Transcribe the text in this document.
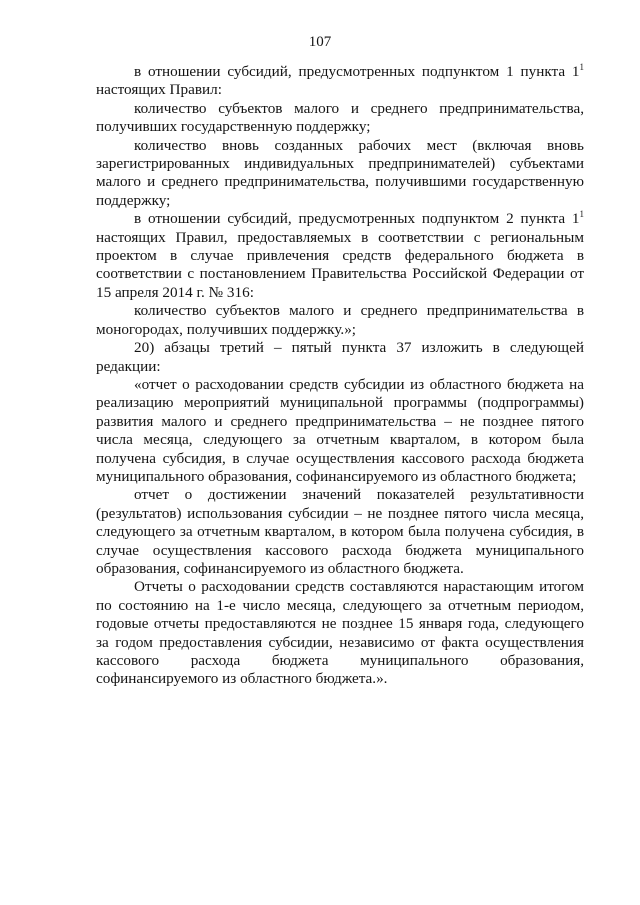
107

в отношении субсидий, предусмотренных подпунктом 1 пункта $1^1$ настоящих Правил:

количество субъектов малого и среднего предпринимательства, получивших государственную поддержку;

количество вновь созданных рабочих мест (включая вновь зарегистрированных индивидуальных предпринимателей) субъектами малого и среднего предпринимательства, получившими государственную поддержку;

в отношении субсидий, предусмотренных подпунктом 2 пункта $1^1$ настоящих Правил, предоставляемых в соответствии с региональным проектом в случае привлечения средств федерального бюджета в соответствии с постановлением Правительства Российской Федерации от 15 апреля 2014 г. № 316:

количество субъектов малого и среднего предпринимательства в моногородах, получивших поддержку.»;

20) абзацы третий – пятый пункта 37 изложить в следующей редакции:

«отчет о расходовании средств субсидии из областного бюджета на реализацию мероприятий муниципальной программы (подпрограммы) развития малого и среднего предпринимательства – не позднее пятого числа месяца, следующего за отчетным кварталом, в котором была получена субсидия, в случае осуществления кассового расхода бюджета муниципального образования, софинансируемого из областного бюджета;

отчет о достижении значений показателей результативности (результатов) использования субсидии – не позднее пятого числа месяца, следующего за отчетным кварталом, в котором была получена субсидия, в случае осуществления кассового расхода бюджета муниципального образования, софинансируемого из областного бюджета.

Отчеты о расходовании средств составляются нарастающим итогом по состоянию на 1-е число месяца, следующего за отчетным периодом, годовые отчеты предоставляются не позднее 15 января года, следующего за годом предоставления субсидии, независимо от факта осуществления кассового расхода бюджета муниципального образования, софинансируемого из областного бюджета.».
